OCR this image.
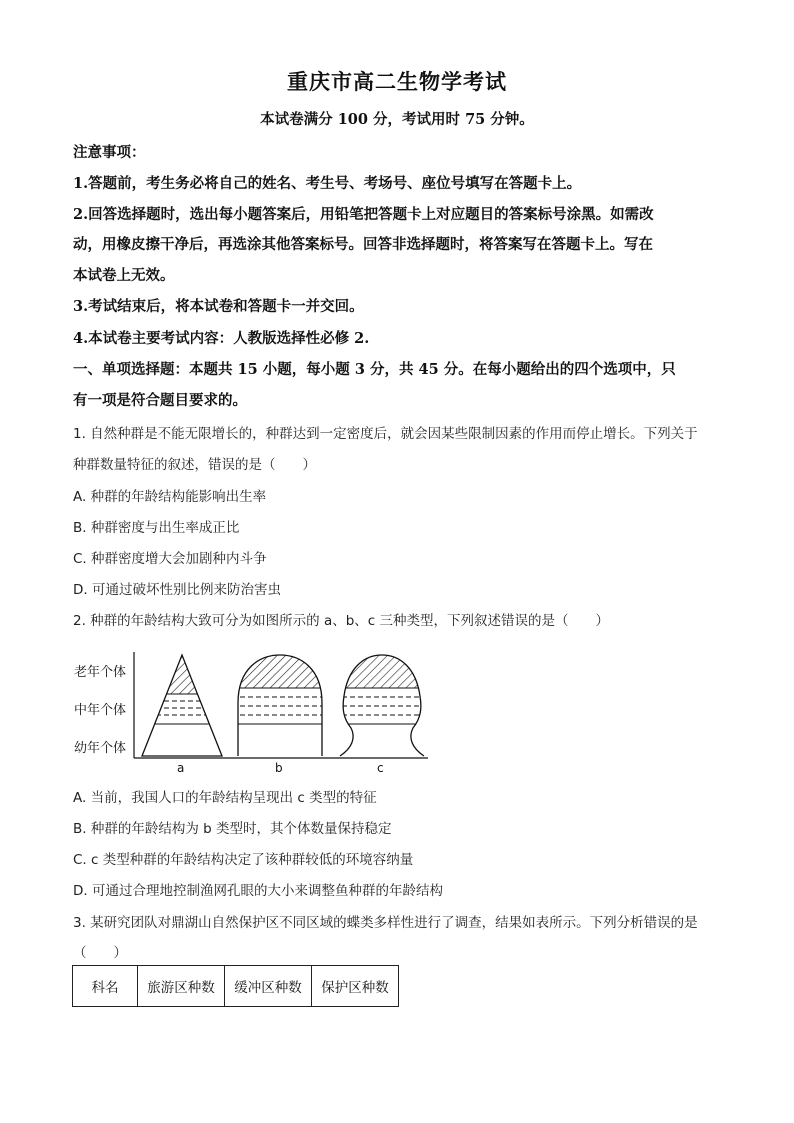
重庆市高二生物学考试
本试卷满分 100 分，考试用时 75 分钟。
注意事项：
1.答题前，考生务必将自己的姓名、考生号、考场号、座位号填写在答题卡上。
2.回答选择题时，选出每小题答案后，用铅笔把答题卡上对应题目的答案标号涂黑。如需改
动，用橡皮擦干净后，再选涂其他答案标号。回答非选择题时，将答案写在答题卡上。写在
本试卷上无效。
3.考试结束后，将本试卷和答题卡一并交回。
4.本试卷主要考试内容：人教版选择性必修 2.
一、单项选择题：本题共 15 小题，每小题 3 分，共 45 分。在每小题给出的四个选项中，只
有一项是符合题目要求的。
1. 自然种群是不能无限增长的，种群达到一定密度后，就会因某些限制因素的作用而停止增长。下列关于
种群数量特征的叙述，错误的是（　　）
A. 种群的年龄结构能影响出生率
B. 种群密度与出生率成正比
C. 种群密度增大会加剧种内斗争
D. 可通过破坏性别比例来防治害虫
2. 种群的年龄结构大致可分为如图所示的 a、b、c 三种类型，下列叙述错误的是（　　）
老年个体
中年个体
幼年个体
a	b	c
A. 当前，我国人口的年龄结构呈现出 c 类型的特征
B. 种群的年龄结构为 b 类型时，其个体数量保持稳定
C. c 类型种群的年龄结构决定了该种群较低的环境容纳量
D. 可通过合理地控制渔网孔眼的大小来调整鱼种群的年龄结构
3. 某研究团队对鼎湖山自然保护区不同区域的蝶类多样性进行了调查，结果如表所示。下列分析错误的是
（　　）
科名	旅游区种数	缓冲区种数	保护区种数
